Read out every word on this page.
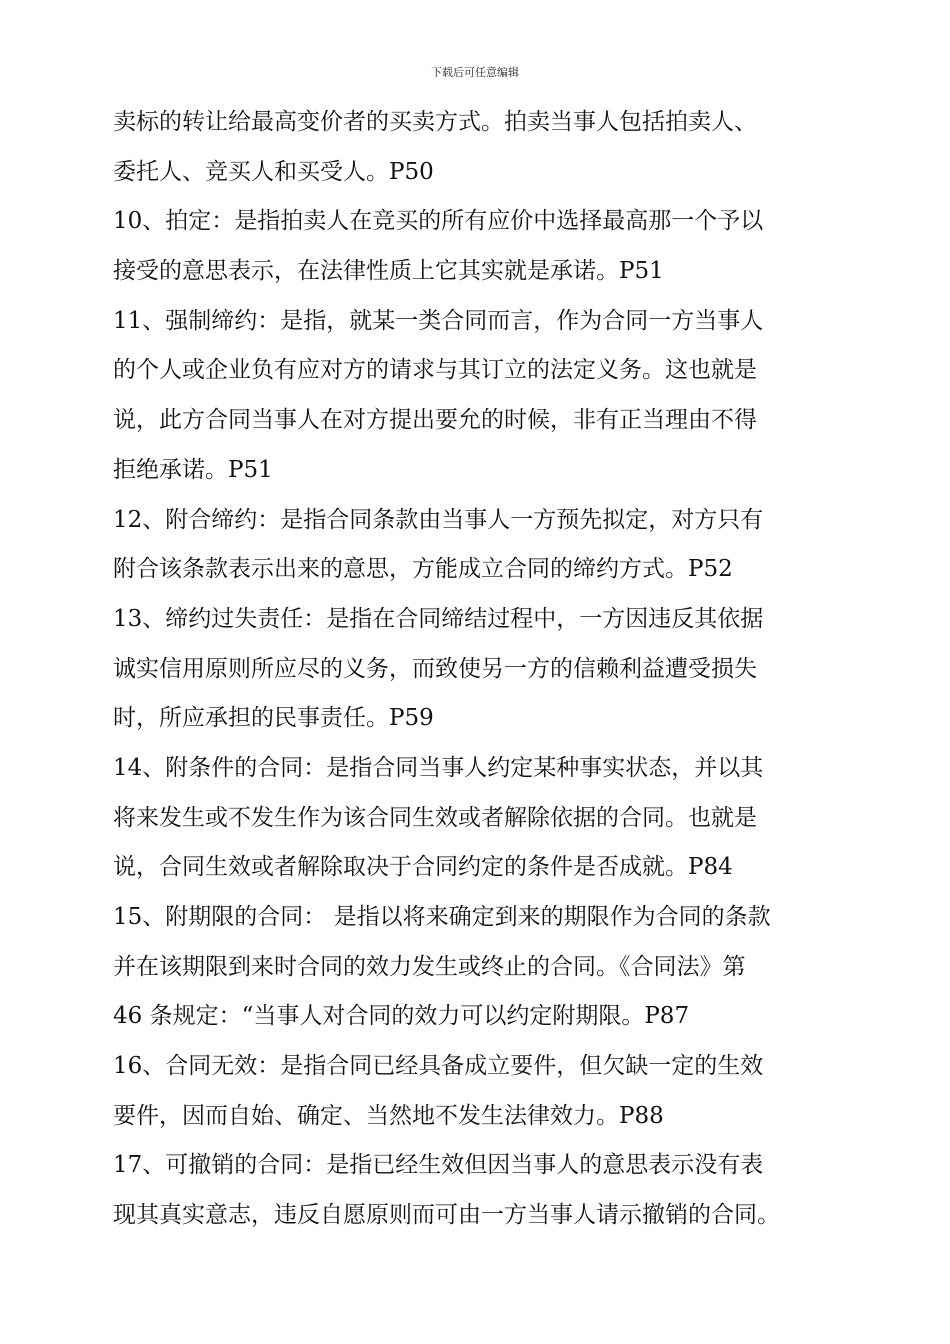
下载后可任意编辑
卖标的转让给最高变价者的买卖方式。拍卖当事人包括拍卖人、
委托人、竞买人和买受人。P50
10、拍定：是指拍卖人在竞买的所有应价中选择最高那一个予以
接受的意思表示，在法律性质上它其实就是承诺。P51
11、强制缔约：是指，就某一类合同而言，作为合同一方当事人
的个人或企业负有应对方的请求与其订立的法定义务。这也就是
说，此方合同当事人在对方提出要允的时候，非有正当理由不得
拒绝承诺。P51
12、附合缔约：是指合同条款由当事人一方预先拟定，对方只有
附合该条款表示出来的意思，方能成立合同的缔约方式。P52
13、缔约过失责任：是指在合同缔结过程中，一方因违反其依据
诚实信用原则所应尽的义务，而致使另一方的信赖利益遭受损失
时，所应承担的民事责任。P59
14、附条件的合同：是指合同当事人约定某种事实状态，并以其
将来发生或不发生作为该合同生效或者解除依据的合同。也就是
说，合同生效或者解除取决于合同约定的条件是否成就。P84
15、附期限的合同： 是指以将来确定到来的期限作为合同的条款
并在该期限到来时合同的效力发生或终止的合同。《合同法》第
46 条规定：“当事人对合同的效力可以约定附期限。P87
16、合同无效：是指合同已经具备成立要件，但欠缺一定的生效
要件，因而自始、确定、当然地不发生法律效力。P88
17、可撤销的合同：是指已经生效但因当事人的意思表示没有表
现其真实意志，违反自愿原则而可由一方当事人请示撤销的合同。
